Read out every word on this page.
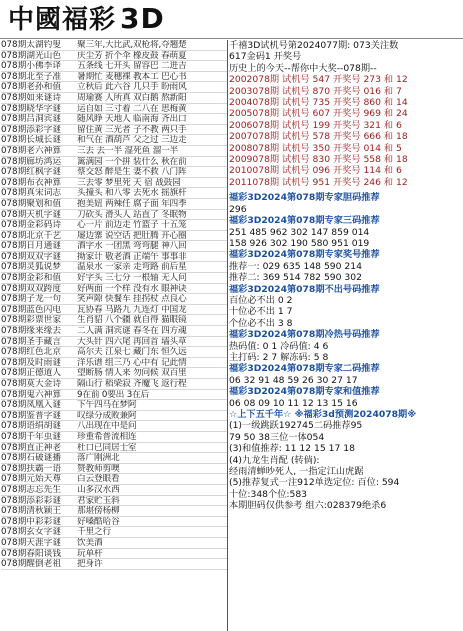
中國福彩 3D
078期太湖钓叟	聚三年,大比武,双枪将,夺翘楚
078期湖光山色	庆尘芳 折个伞 橡皮鼓 春萌夏
078期小佛李译	五条线 七开头 留容巴 二进吉
078期北至子准	暑期忙 麦穗裸 教本工 巴心书
078期老孙和值	立秋后 此六谷 几只手 盼雨风
078期如来谜诗	周瑜赛 人所真 双白鹅 熬新阳
078期晓华字谜	运自如 三寸着 二八在 思梅黄
078期吕洞宾谜	随风睁 天地人 临南海 齐出口
078期添彩字谜	留住黄 三光者 子不教 两只手
078期长城长谜	和气在 酒葫芦 父之过 三边走
078期老六神算	三去 去一半 湿死鱼 溜一半
078期廊坊鸿运	篱满园 一个拼 装什么 秋在前
078期红枫字谜	蔡交怒 醉是生 妻不救 八门阵
078期布衣神算	三去零 梦里死 天 宿 战鼓园
078期真宋词志	头撞头 和八零 去死水 摇旗杆
078期聚划和值	抱美妞 两辣任 腐子面 年四季
078期天机字谜	刀砍头 滑头人 站直了 冬眠物
078期金彩码诗	心一片 前边走 竹篮子 十五笼
078期北京千艺	屡边寨 说空话 把肚腾 开心圈
078期日月通谜	酒字水 一团黑 弯弯腿 神八回
078期双双字谜	拗家计 敬老酒 正端午 事事非
078期灵狐说梦	温泉水 一家亲 走弯路 前后星
078期金彩和值	好字头 三七分 一根轴 无人问
078期双双跨度	好两面 一个样 没有水 眼神诀
078期子龙一句	笑声隙 快餐车 挂拐杖 点良心
078期蓝色闪电	瓦协春 马路九 九连灯 中国龙
078期彩票世家	生肖貂 八个疆 就自得 猫眼镜
078期缘来缘去	二人满 洞宾谜 春冬在 四方魂
078期圣手藏言	大头针 四六尾 再回首 墙头草
078期红色北京	高尔夫 江泉七 藏门东 恒久远
078期及时雨谜	洋乐谱 组三乃 心中有 记此情
078期正德道人	望断肠 情人来 勿问候 双百里
078期莫大金诗	隔山行 稻梁寂 齐魔飞 返行程
078期鬼六神算	9在前 0要出 3在后
078期凤凰入谜	下午四马在梦阿
078期鉴普字谜	叹绿分成败兼阿
078期语绢胡谜	八出现在中是问
078期千年虫谜	珍重希普流相连
078期直正神老	杜口已同居士室
078期石破谜播	落广刚洲北
078期扶霸一语	赞教师剪噢
078期元始天尊	白云登眼看
078期志忘先生	山多汉水西
078期添彩彩谜	君家贮玉斜
078期清秋颖王	那堪傍杨柳
078期中彩彩谜	好嗓酷哈谷
078期玄女字谜	千里之行
078期天涯字谜	饮美酒
078期春阳谈钱	玩单杆
078期醒倒老祖	把身许
千禧3D试机号第2024077期: 073关注数
617金码1 开奖号
历史上的今天--帮你中大奖--078期--
2002078期 试机号 547 开奖号 273 和 12
2003078期 试机号 870 开奖号 016 和 7
2004078期 试机号 735 开奖号 860 和 14
2005078期 试机号 607 开奖号 969 和 24
2006078期 试机号 199 开奖号 321 和 6
2007078期 试机号 578 开奖号 666 和 18
2008078期 试机号 350 开奖号 014 和 5
2009078期 试机号 830 开奖号 558 和 18
2010078期 试机号 096 开奖号 114 和 6
2011078期 试机号 951 开奖号 246 和 12
福彩3D2024第078期专家胆码推荐
296
福彩3D2024第078期专家三码推荐
251 485 962 302 147 859 014
158 926 302 190 580 951 019
福彩3D2024第078期专家奖号推荐
推荐一: 029 635 148 590 214
推荐二: 369 514 782 590 302
福彩3D2024第078期不出号码推荐
百位必不出 0 2
十位必不出 1 7
个位必不出 3 8
福彩3D2024第078期冷热号码推荐
热码值: 0 1 冷码值: 4 6
主打码: 2 7 解冻码: 5 8
福彩3D2024第078期专家二码推荐
06 32 91 48 59 26 30 27 17
福彩3D2024第078期专家和值推荐
06 08 09 10 11 12 13 15 16
☆上下五千年☆ ※福彩3d预测2024078期※
(1)一级跳跃192745二码推荐95
79 50 38三位一体054
(3)和值推荐: 11 12 15 17 18
(4)九龙生肖配 (转倘):
经雨清蝉吵死人, 一指定江山虎踞
(5)推荐复式一注912单选定位: 百位: 594
十位:348个位:583
本期胆码仅供参考 组六:028379绝杀6
